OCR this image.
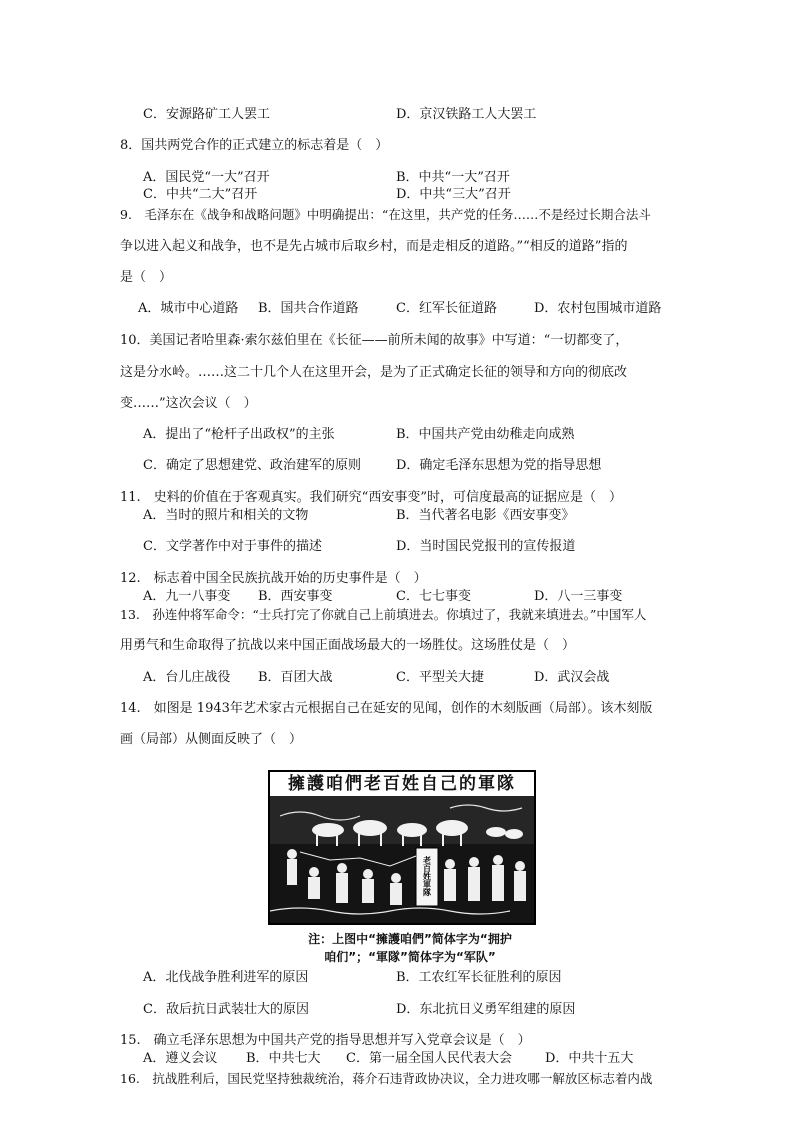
C．安源路矿工人罢工	D．京汉铁路工人大罢工
8．国共两党合作的正式建立的标志着是（　）
A．国民党“一大”召开	B．中共“一大”召开
C．中共“二大”召开	D．中共“三大”召开
9.　毛泽东在《战争和战略问题》中明确提出：“在这里，共产党的任务……不是经过长期合法斗
争以进入起义和战争，也不是先占城市后取乡村，而是走相反的道路。”“相反的道路”指的
是（　）
A．城市中心道路 B．国共合作道路	C．红军长征道路	D．农村包围城市道路
10．美国记者哈里森·索尔兹伯里在《长征——前所未闻的故事》中写道：“一切都变了，
这是分水岭。……这二十几个人在这里开会，是为了正式确定长征的领导和方向的彻底改
变……”这次会议（　）
A．提出了“枪杆子出政权”的主张	B．中国共产党由幼稚走向成熟
C．确定了思想建党、政治建军的原则	D．确定毛泽东思想为党的指导思想
11.　史料的价值在于客观真实。我们研究“西安事变”时，可信度最高的证据应是（　）
A．当时的照片和相关的文物	B．当代著名电影《西安事变》
C．文学著作中对于事件的描述	D．当时国民党报刊的宣传报道
12.　标志着中国全民族抗战开始的历史事件是（　）
A．九一八事变 B．西安事变	C．七七事变	D．八一三事变
13.　孙连仲将军命令：“士兵打完了你就自己上前填进去。你填过了，我就来填进去。”中国军人
用勇气和生命取得了抗战以来中国正面战场最大的一场胜仗。这场胜仗是（　）
A．台儿庄战役 B．百团大战	C．平型关大捷	D．武汉会战
14.　如图是 1943年艺术家古元根据自己在延安的见闻，创作的木刻版画（局部）。该木刻版
画（局部）从侧面反映了（　）
擁護咱們老百姓自己的軍隊
老百姓軍隊
注：上图中“擁護咱們”简体字为“拥护
咱们”；“軍隊”简体字为“军队”
A．北伐战争胜利进军的原因	B．工农红军长征胜利的原因
C．敌后抗日武装壮大的原因	D．东北抗日义勇军组建的原因
15.　确立毛泽东思想为中国共产党的指导思想并写入党章会议是（　）
A．遵义会议 B．中共七大 C．第一届全国人民代表大会	D．中共十五大
16.　抗战胜利后，国民党坚持独裁统治，蒋介石违背政协决议，全力进攻哪一解放区标志着内战
